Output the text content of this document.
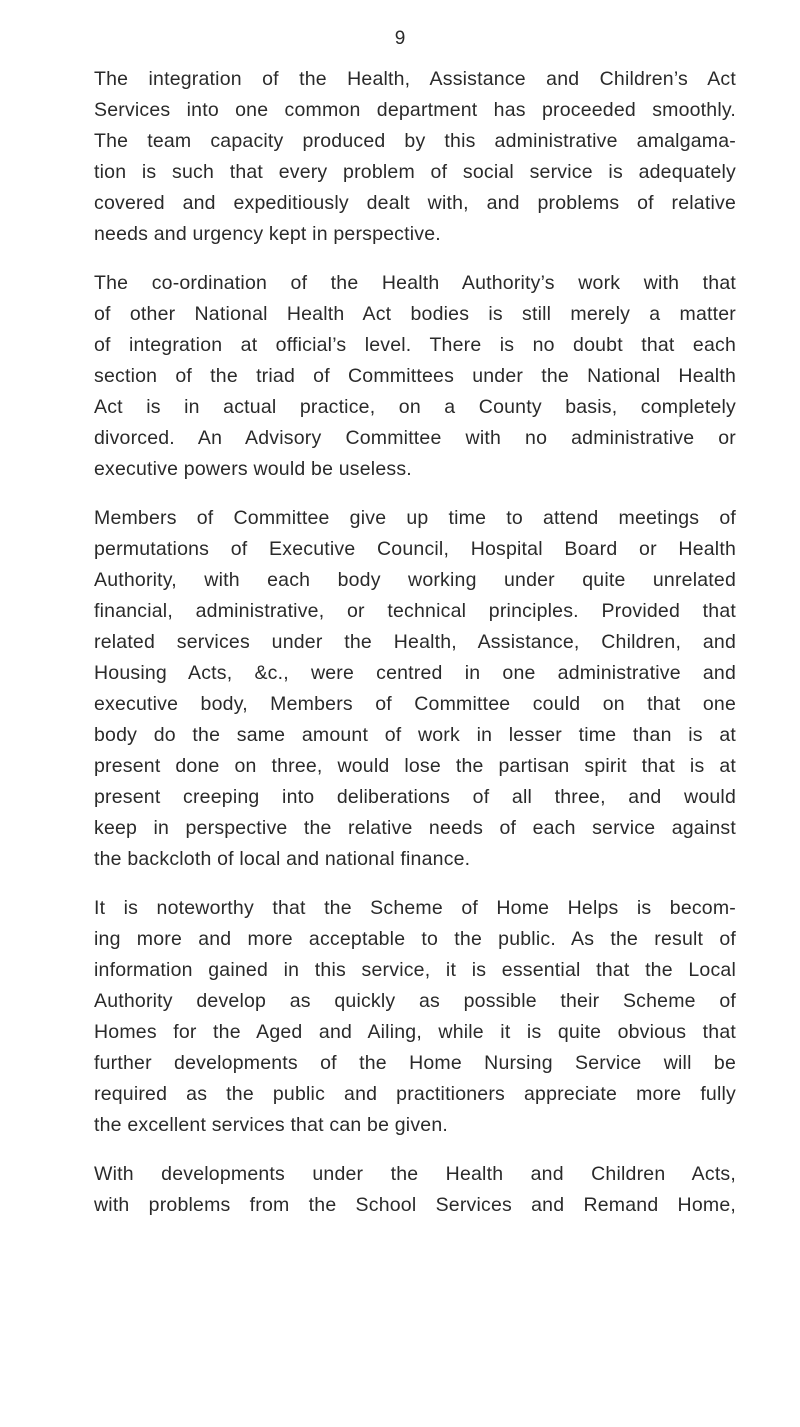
9
The integration of the Health, Assistance and Children’s Act
Services into one common department has proceeded smoothly.
The team capacity produced by this administrative amalgama-
tion is such that every problem of social service is adequately
covered and expeditiously dealt with, and problems of relative
needs and urgency kept in perspective.
The co-ordination of the Health Authority’s work with that
of other National Health Act bodies is still merely a matter
of integration at official’s level. There is no doubt that each
section of the triad of Committees under the National Health
Act is in actual practice, on a County basis, completely
divorced. An Advisory Committee with no administrative or
executive powers would be useless.
Members of Committee give up time to attend meetings of
permutations of Executive Council, Hospital Board or Health
Authority, with each body working under quite unrelated
financial, administrative, or technical principles. Provided that
related services under the Health, Assistance, Children, and
Housing Acts, &c., were centred in one administrative and
executive body, Members of Committee could on that one
body do the same amount of work in lesser time than is at
present done on three, would lose the partisan spirit that is at
present creeping into deliberations of all three, and would
keep in perspective the relative needs of each service against
the backcloth of local and national finance.
It is noteworthy that the Scheme of Home Helps is becom-
ing more and more acceptable to the public. As the result of
information gained in this service, it is essential that the Local
Authority develop as quickly as possible their Scheme of
Homes for the Aged and Ailing, while it is quite obvious that
further developments of the Home Nursing Service will be
required as the public and practitioners appreciate more fully
the excellent services that can be given.
With developments under the Health and Children Acts,
with problems from the School Services and Remand Home,
